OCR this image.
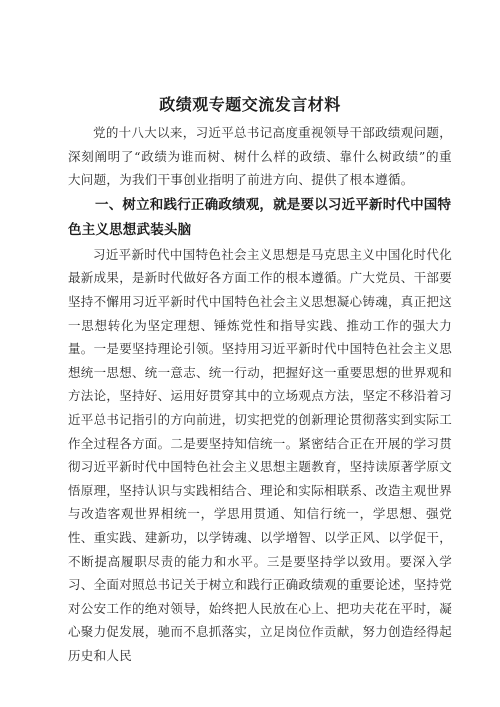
政绩观专题交流发言材料

党的十八大以来，习近平总书记高度重视领导干部政绩观问题，深刻阐明了“政绩为谁而树、树什么样的政绩、靠什么树政绩”的重大问题，为我们干事创业指明了前进方向、提供了根本遵循。

一、树立和践行正确政绩观，就是要以习近平新时代中国特色主义思想武装头脑

习近平新时代中国特色社会主义思想是马克思主义中国化时代化最新成果，是新时代做好各方面工作的根本遵循。广大党员、干部要坚持不懈用习近平新时代中国特色社会主义思想凝心铸魂，真正把这一思想转化为坚定理想、锤炼党性和指导实践、推动工作的强大力量。一是要坚持理论引领。坚持用习近平新时代中国特色社会主义思想统一思想、统一意志、统一行动，把握好这一重要思想的世界观和方法论，坚持好、运用好贯穿其中的立场观点方法，坚定不移沿着习近平总书记指引的方向前进，切实把党的创新理论贯彻落实到实际工作全过程各方面。二是要坚持知信统一。紧密结合正在开展的学习贯彻习近平新时代中国特色社会主义思想主题教育，坚持读原著学原文悟原理，坚持认识与实践相结合、理论和实际相联系、改造主观世界与改造客观世界相统一，学思用贯通、知信行统一，学思想、强党性、重实践、建新功，以学铸魂、以学增智、以学正风、以学促干，不断提高履职尽责的能力和水平。三是要坚持学以致用。要深入学习、全面对照总书记关于树立和践行正确政绩观的重要论述，坚持党对公安工作的绝对领导，始终把人民放在心上、把功夫花在平时，凝心聚力促发展，驰而不息抓落实，立足岗位作贡献，努力创造经得起历史和人民
